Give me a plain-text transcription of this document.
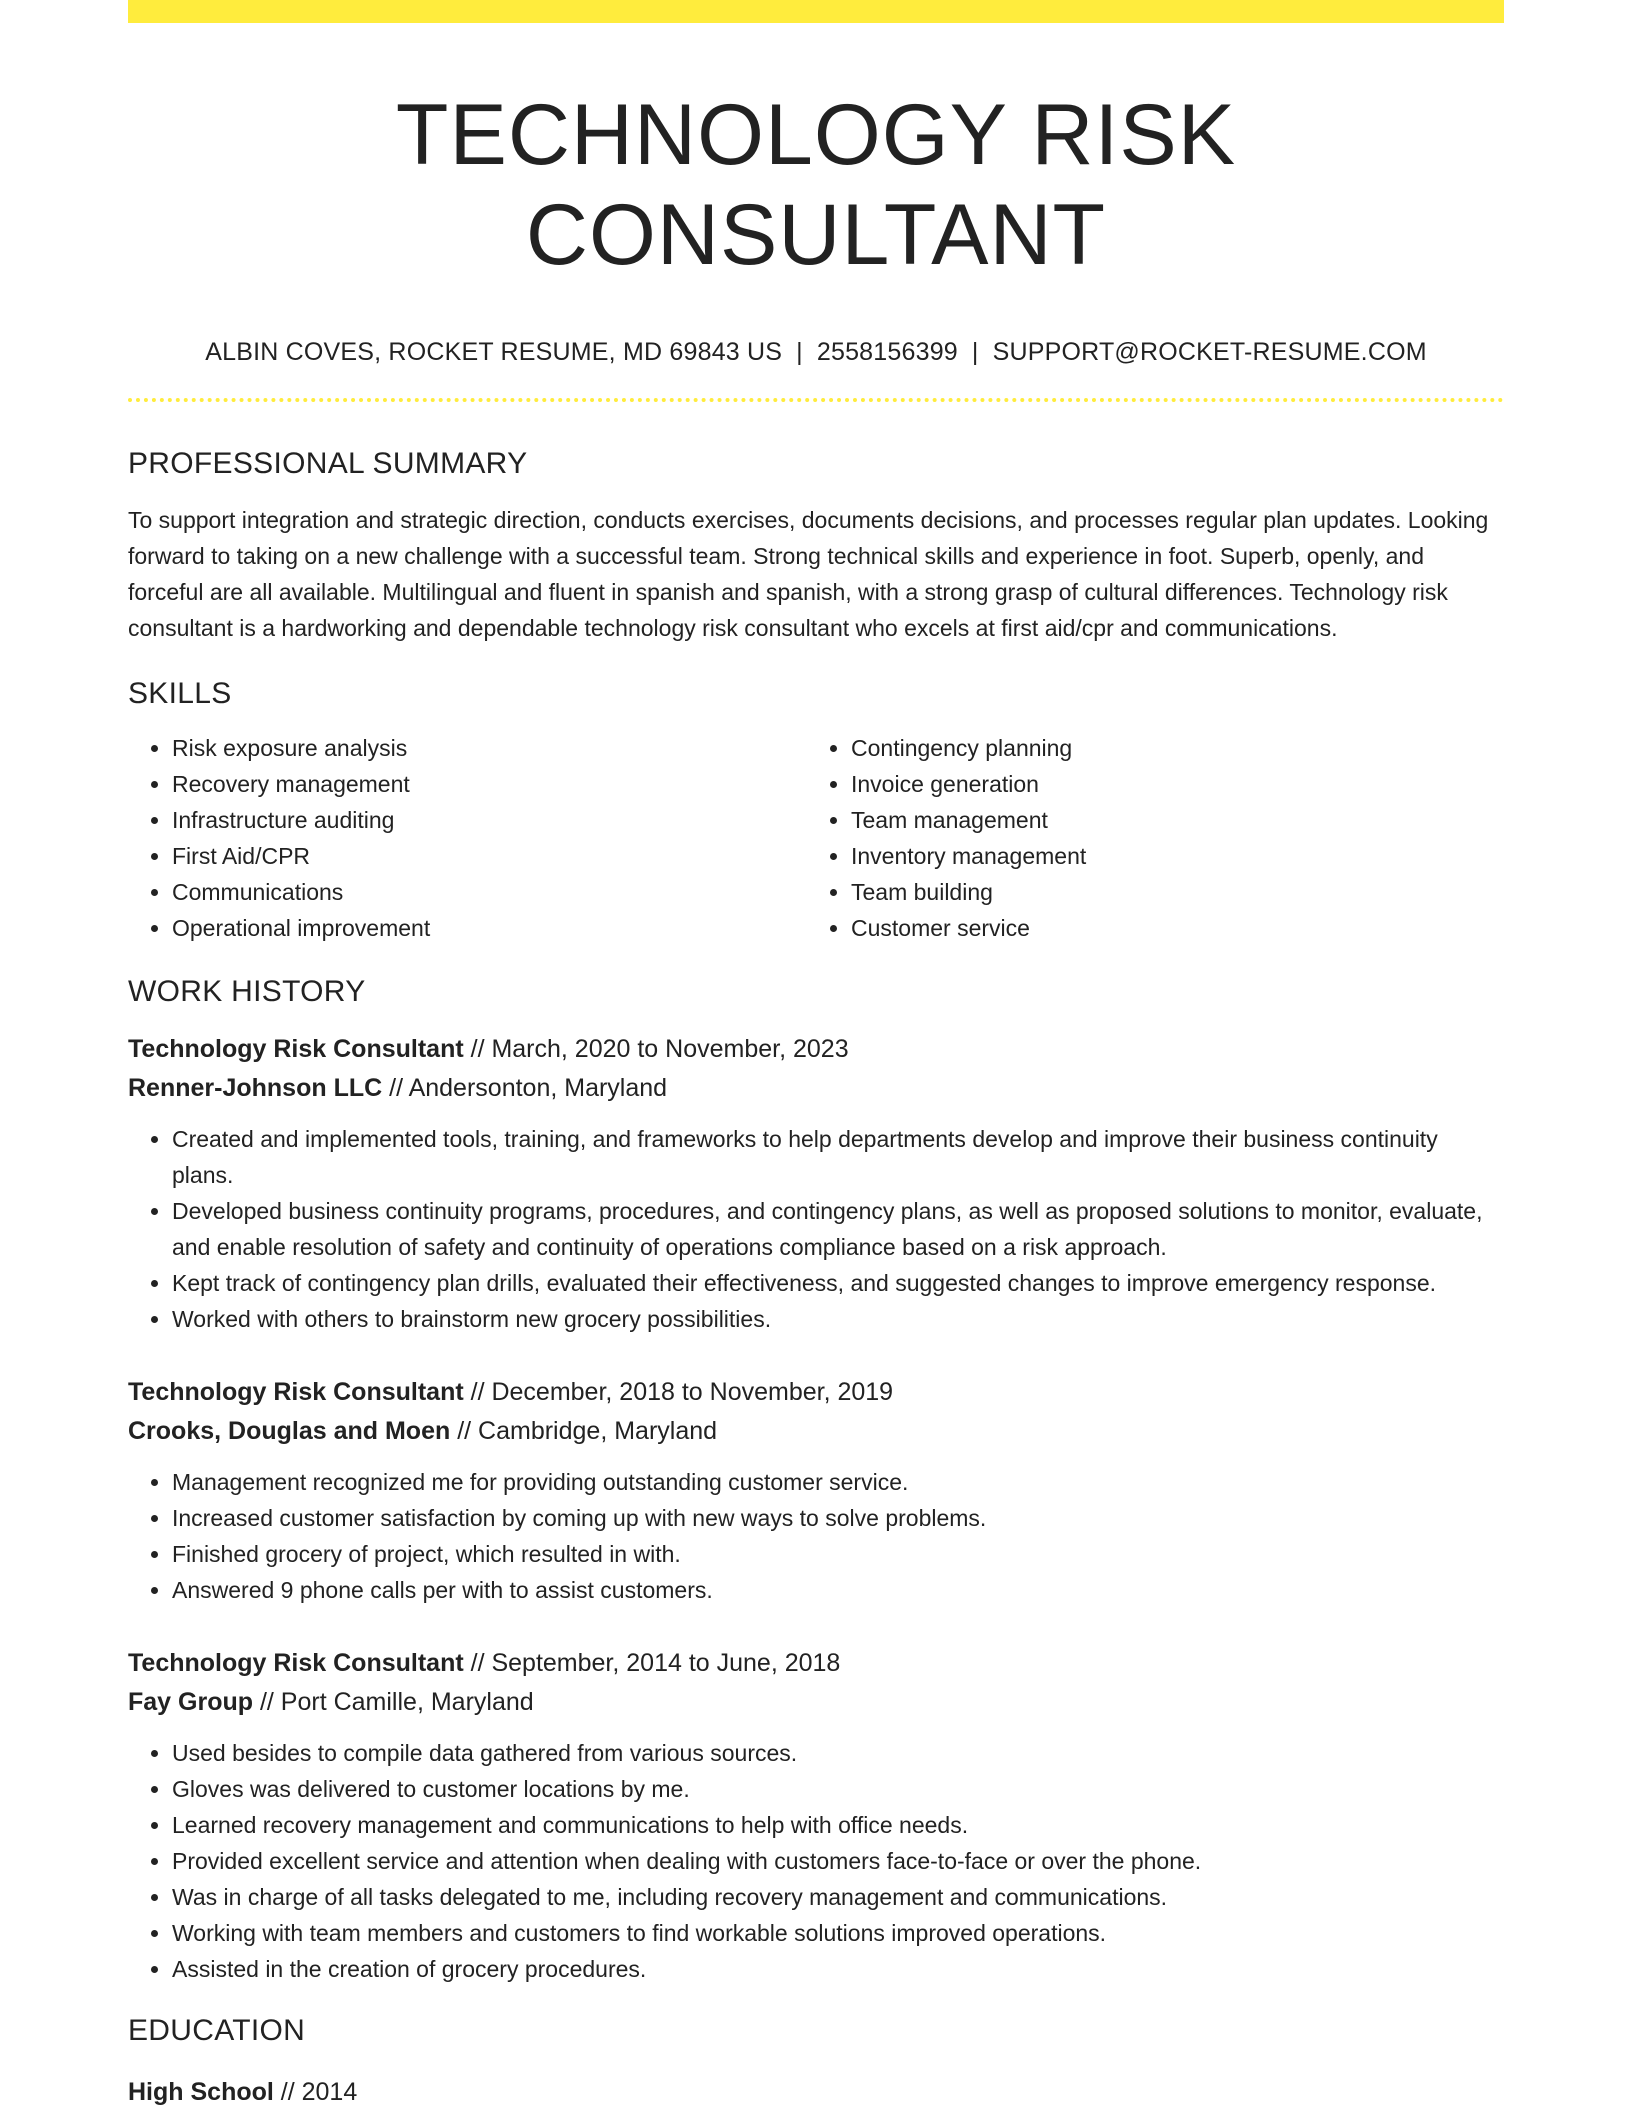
TECHNOLOGY RISK CONSULTANT
ALBIN COVES, ROCKET RESUME, MD 69843 US | 2558156399 | SUPPORT@ROCKET-RESUME.COM
PROFESSIONAL SUMMARY

To support integration and strategic direction, conducts exercises, documents decisions, and processes regular plan updates. Looking forward to taking on a new challenge with a successful team. Strong technical skills and experience in foot. Superb, openly, and forceful are all available. Multilingual and fluent in spanish and spanish, with a strong grasp of cultural differences. Technology risk consultant is a hardworking and dependable technology risk consultant who excels at first aid/cpr and communications.

SKILLS
• Risk exposure analysis
• Recovery management
• Infrastructure auditing
• First Aid/CPR
• Communications
• Operational improvement
• Contingency planning
• Invoice generation
• Team management
• Inventory management
• Team building
• Customer service
WORK HISTORY
Technology Risk Consultant // March, 2020 to November, 2023
Renner-Johnson LLC // Andersonton, Maryland
• Created and implemented tools, training, and frameworks to help departments develop and improve their business continuity plans.
• Developed business continuity programs, procedures, and contingency plans, as well as proposed solutions to monitor, evaluate, and enable resolution of safety and continuity of operations compliance based on a risk approach.
• Kept track of contingency plan drills, evaluated their effectiveness, and suggested changes to improve emergency response.
• Worked with others to brainstorm new grocery possibilities.
Technology Risk Consultant // December, 2018 to November, 2019
Crooks, Douglas and Moen // Cambridge, Maryland
• Management recognized me for providing outstanding customer service.
• Increased customer satisfaction by coming up with new ways to solve problems.
• Finished grocery of project, which resulted in with.
• Answered 9 phone calls per with to assist customers.
Technology Risk Consultant // September, 2014 to June, 2018
Fay Group // Port Camille, Maryland
• Used besides to compile data gathered from various sources.
• Gloves was delivered to customer locations by me.
• Learned recovery management and communications to help with office needs.
• Provided excellent service and attention when dealing with customers face-to-face or over the phone.
• Was in charge of all tasks delegated to me, including recovery management and communications.
• Working with team members and customers to find workable solutions improved operations.
• Assisted in the creation of grocery procedures.
EDUCATION
High School // 2014
